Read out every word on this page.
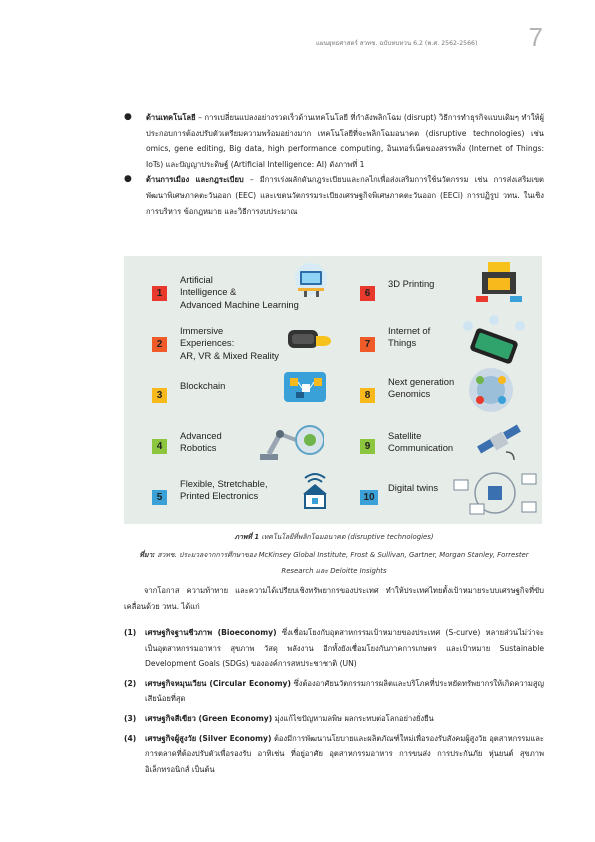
แผนยุทธศาสตร์ สวทช. ฉบับทบทวน 6.2 (พ.ศ. 2562-2566) 7
● ด้านเทคโนโลยี – การเปลี่ยนแปลงอย่างรวดเร็วด้านเทคโนโลยี ที่กำลังพลิกโฉม (disrupt) วิธีการทำธุรกิจแบบเดิมๆ ทำให้ผู้ประกอบการต้องปรับตัวเตรียมความพร้อมอย่างมาก เทคโนโลยีที่จะพลิกโฉมอนาคต (disruptive technologies) เช่น omics, gene editing, Big data, high performance computing, อินเทอร์เน็ตของสรรพสิ่ง (Internet of Things: IoTs) และปัญญาประดิษฐ์ (Artificial Intelligence: AI) ดังภาพที่ 1
● ด้านการเมือง และกฎระเบียบ – มีการเร่งผลักดันกฎระเบียบและกลไกเพื่อส่งเสริมการใช้นวัตกรรม เช่น การส่งเสริมเขตพัฒนาพิเศษภาคตะวันออก (EEC) และเขตนวัตกรรมระเบียงเศรษฐกิจพิเศษภาคตะวันออก (EECi) การปฏิรูป วทน. ในเชิงการบริหาร ข้อกฎหมาย และวิธีการงบประมาณ
1
Artificial
Intelligence &
Advanced Machine Learning
2
Immersive
Experiences:
AR, VR & Mixed Reality
3
Blockchain
4
Advanced
Robotics
5
Flexible, Stretchable,
Printed Electronics
6
3D Printing
7
Internet of
Things
8
Next generation
Genomics
9
Satellite
Communication
10
Digital twins
ภาพที่ 1 เทคโนโลยีที่พลิกโฉมอนาคต (disruptive technologies)
ที่มา: สวทช. ประมวลจากการศึกษาของ McKinsey Global Institute, Frost & Sullivan, Gartner, Morgan Stanley, Forrester Research และ Deloitte Insights
จากโอกาส ความท้าทาย และความได้เปรียบเชิงทรัพยากรของประเทศ ทำให้ประเทศไทยตั้งเป้าหมายระบบเศรษฐกิจที่ขับเคลื่อนด้วย วทน. ได้แก่
(1) เศรษฐกิจฐานชีวภาพ (Bioeconomy) ซึ่งเชื่อมโยงกับอุตสาหกรรมเป้าหมายของประเทศ (S-curve) หลายส่วนไม่ว่าจะเป็นอุตสาหกรรมอาหาร สุขภาพ วัสดุ พลังงาน อีกทั้งยังเชื่อมโยงกับภาคการเกษตร และเป้าหมาย Sustainable Development Goals (SDGs) ขององค์การสหประชาชาติ (UN)
(2) เศรษฐกิจหมุนเวียน (Circular Economy) ซึ่งต้องอาศัยนวัตกรรมการผลิตและบริโภคที่ประหยัดทรัพยากรให้เกิดความสูญเสียน้อยที่สุด
(3) เศรษฐกิจสีเขียว (Green Economy) มุ่งแก้ไขปัญหามลพิษ ผลกระทบต่อโลกอย่างยั่งยืน
(4) เศรษฐกิจผู้สูงวัย (Silver Economy) ต้องมีการพัฒนานโยบายและผลิตภัณฑ์ใหม่เพื่อรองรับสังคมผู้สูงวัย อุตสาหกรรมและการตลาดที่ต้องปรับตัวเพื่อรองรับ อาทิเช่น ที่อยู่อาศัย อุตสาหกรรมอาหาร การขนส่ง การประกันภัย หุ่นยนต์ สุขภาพอิเล็กทรอนิกส์ เป็นต้น
